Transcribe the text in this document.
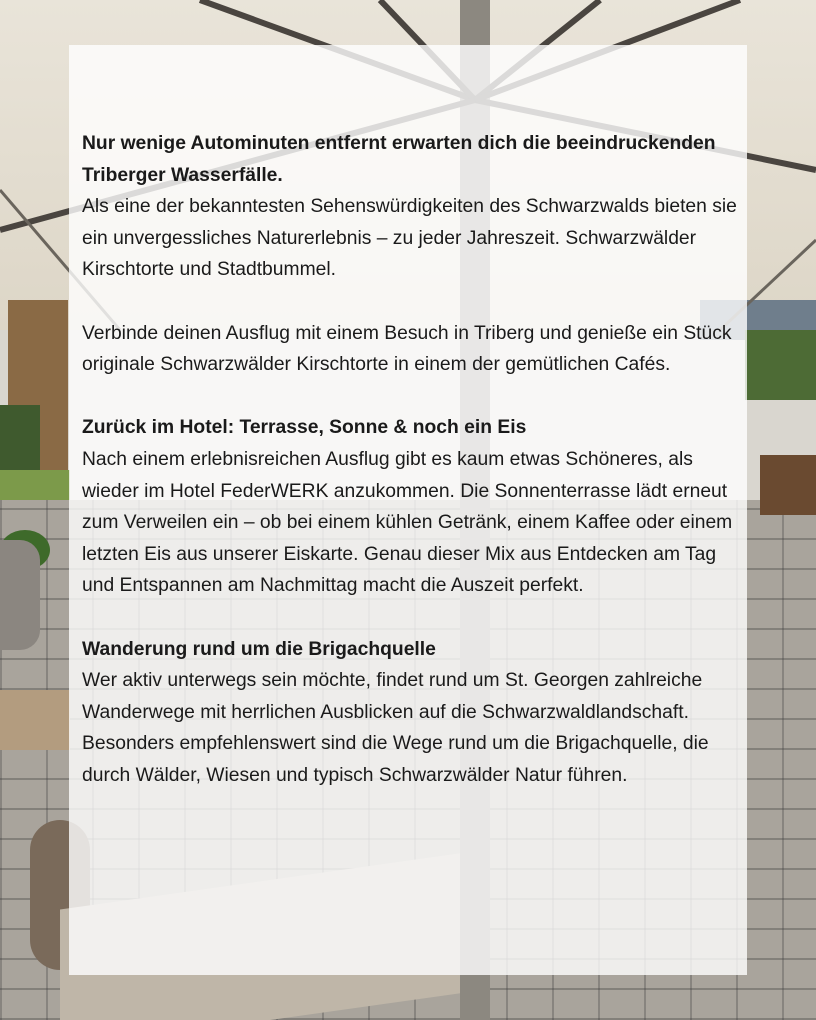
Nur wenige Autominuten entfernt erwarten dich die beeindruckenden Triberger Wasserfälle.
Als eine der bekanntesten Sehenswürdigkeiten des Schwarzwalds bieten sie ein unvergessliches Naturerlebnis – zu jeder Jahreszeit. Schwarzwälder Kirschtorte und Stadtbummel.
Verbinde deinen Ausflug mit einem Besuch in Triberg und genieße ein Stück originale Schwarzwälder Kirschtorte in einem der gemütlichen Cafés.
Zurück im Hotel: Terrasse, Sonne & noch ein Eis
Nach einem erlebnisreichen Ausflug gibt es kaum etwas Schöneres, als wieder im Hotel FederWERK anzukommen. Die Sonnenterrasse lädt erneut zum Verweilen ein – ob bei einem kühlen Getränk, einem Kaffee oder einem letzten Eis aus unserer Eiskarte. Genau dieser Mix aus Entdecken am Tag und Entspannen am Nachmittag macht die Auszeit perfekt.
Wanderung rund um die Brigachquelle
Wer aktiv unterwegs sein möchte, findet rund um St. Georgen zahlreiche Wanderwege mit herrlichen Ausblicken auf die Schwarzwaldlandschaft. Besonders empfehlenswert sind die Wege rund um die Brigachquelle, die durch Wälder, Wiesen und typisch Schwarzwälder Natur führen.
